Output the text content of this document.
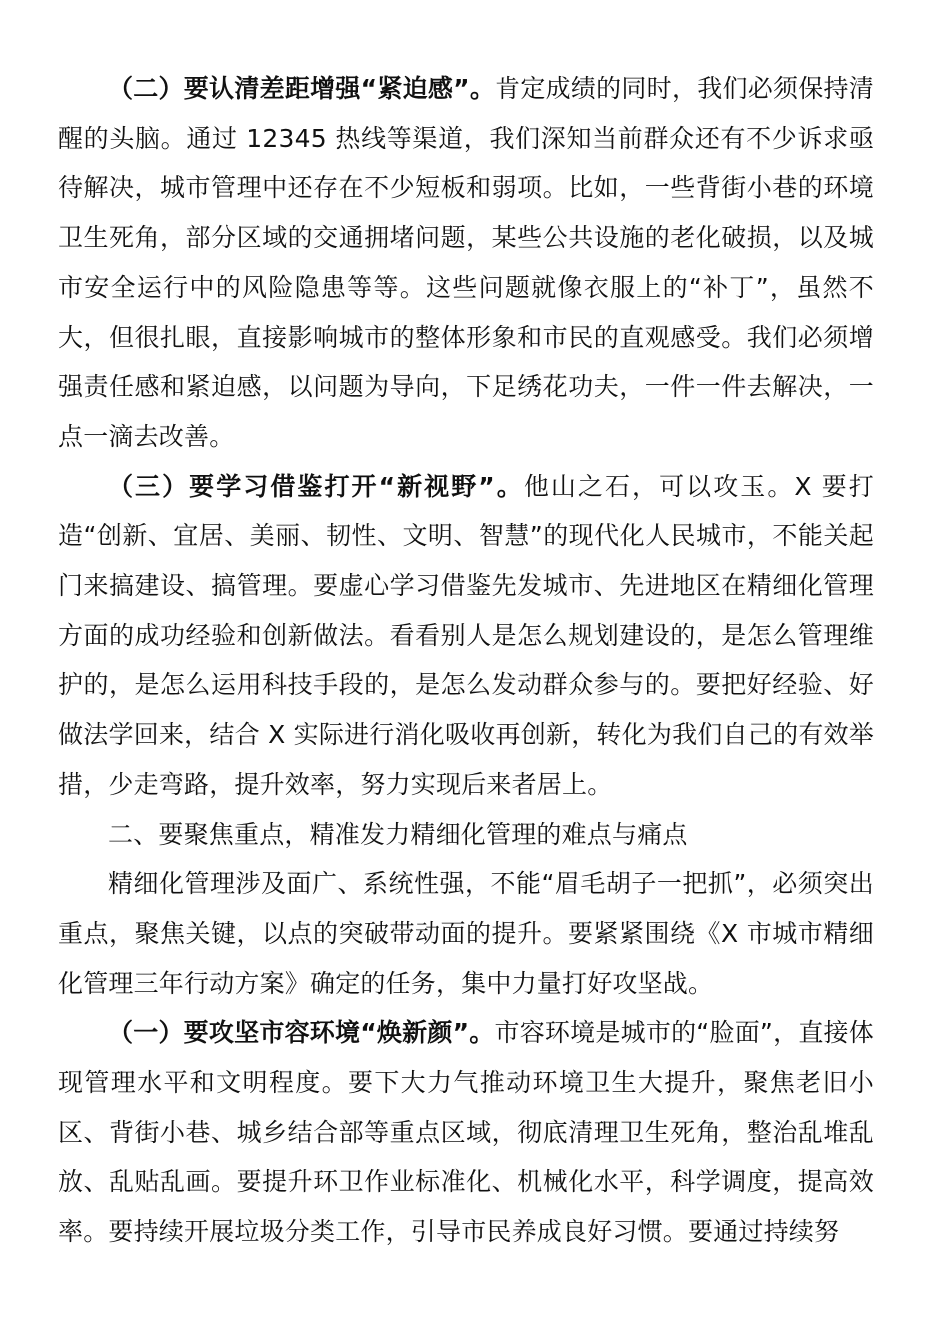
（二）要认清差距增强“紧迫感”。肯定成绩的同时，我们必须保持清醒的头脑。通过 12345 热线等渠道，我们深知当前群众还有不少诉求亟待解决，城市管理中还存在不少短板和弱项。比如，一些背街小巷的环境卫生死角，部分区域的交通拥堵问题，某些公共设施的老化破损，以及城市安全运行中的风险隐患等等。这些问题就像衣服上的“补丁”，虽然不大，但很扎眼，直接影响城市的整体形象和市民的直观感受。我们必须增强责任感和紧迫感，以问题为导向，下足绣花功夫，一件一件去解决，一点一滴去改善。

（三）要学习借鉴打开“新视野”。他山之石，可以攻玉。X 要打造“创新、宜居、美丽、韧性、文明、智慧”的现代化人民城市，不能关起门来搞建设、搞管理。要虚心学习借鉴先发城市、先进地区在精细化管理方面的成功经验和创新做法。看看别人是怎么规划建设的，是怎么管理维护的，是怎么运用科技手段的，是怎么发动群众参与的。要把好经验、好做法学回来，结合 X 实际进行消化吸收再创新，转化为我们自己的有效举措，少走弯路，提升效率，努力实现后来者居上。

二、要聚焦重点，精准发力精细化管理的难点与痛点

精细化管理涉及面广、系统性强，不能“眉毛胡子一把抓”，必须突出重点，聚焦关键，以点的突破带动面的提升。要紧紧围绕《X 市城市精细化管理三年行动方案》确定的任务，集中力量打好攻坚战。

（一）要攻坚市容环境“焕新颜”。市容环境是城市的“脸面”，直接体现管理水平和文明程度。要下大力气推动环境卫生大提升，聚焦老旧小区、背街小巷、城乡结合部等重点区域，彻底清理卫生死角，整治乱堆乱放、乱贴乱画。要提升环卫作业标准化、机械化水平，科学调度，提高效率。要持续开展垃圾分类工作，引导市民养成良好习惯。要通过持续努
